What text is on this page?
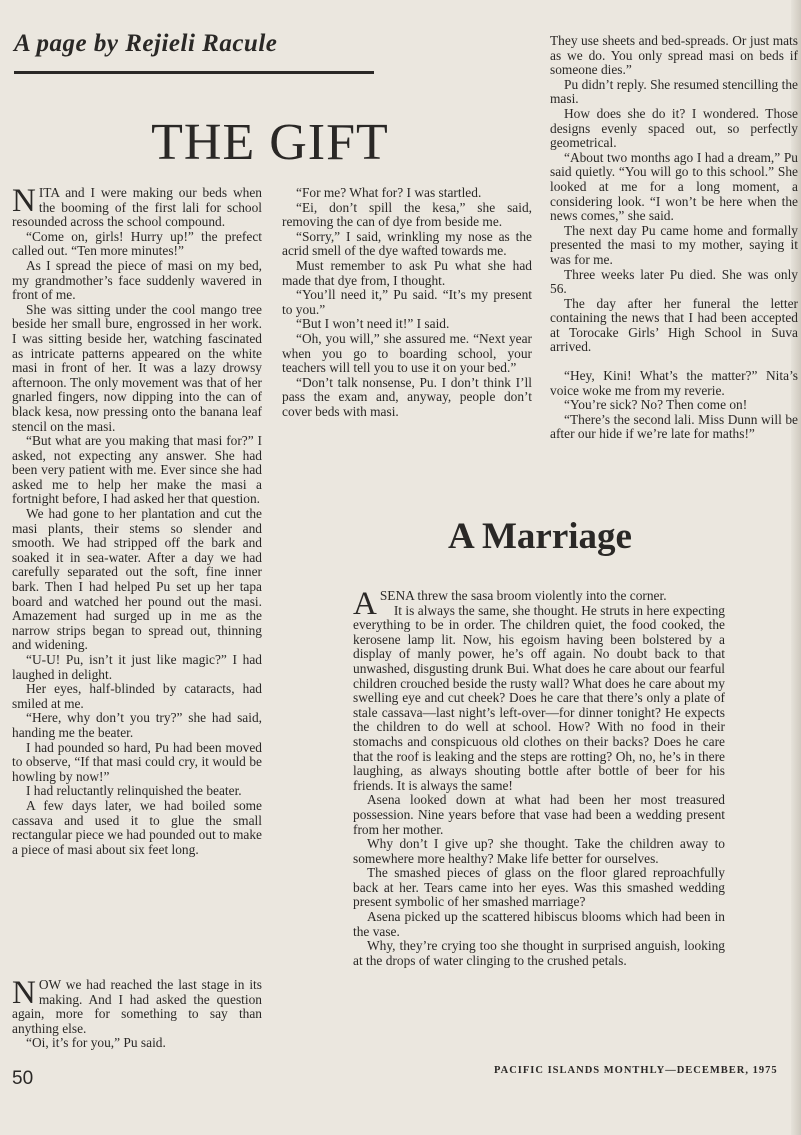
A page by Rejieli Racule
THE GIFT

NITA and I were making our beds when the booming of the first lali for school resounded across the school compound.

“Come on, girls! Hurry up!” the prefect called out. “Ten more minutes!”

As I spread the piece of masi on my bed, my grandmother’s face suddenly wavered in front of me.

She was sitting under the cool mango tree beside her small bure, engrossed in her work. I was sitting beside her, watching fascinated as intricate patterns appeared on the white masi in front of her. It was a lazy drowsy afternoon. The only movement was that of her gnarled fingers, now dipping into the can of black kesa, now pressing onto the banana leaf stencil on the masi.

“But what are you making that masi for?” I asked, not expecting any answer. She had been very patient with me. Ever since she had asked me to help her make the masi a fortnight before, I had asked her that question.

We had gone to her plantation and cut the masi plants, their stems so slender and smooth. We had stripped off the bark and soaked it in sea-water. After a day we had carefully separated out the soft, fine inner bark. Then I had helped Pu set up her tapa board and watched her pound out the masi. Amazement had surged up in me as the narrow strips began to spread out, thinning and widening.

“U-U! Pu, isn’t it just like magic?” I had laughed in delight.

Her eyes, half-blinded by cataracts, had smiled at me.

“Here, why don’t you try?” she had said, handing me the beater.

I had pounded so hard, Pu had been moved to observe, “If that masi could cry, it would be howling by now!”

I had reluctantly relinquished the beater.

A few days later, we had boiled some cassava and used it to glue the small rectangular piece we had pounded out to make a piece of masi about six feet long.

NOW we had reached the last stage in its making. And I had asked the question again, more for something to say than anything else.

“Oi, it’s for you,” Pu said.

“For me? What for? I was startled.

“Ei, don’t spill the kesa,” she said, removing the can of dye from beside me.

“Sorry,” I said, wrinkling my nose as the acrid smell of the dye wafted towards me.

Must remember to ask Pu what she had made that dye from, I thought.

“You’ll need it,” Pu said. “It’s my present to you.”

“But I won’t need it!” I said.

“Oh, you will,” she assured me. “Next year when you go to boarding school, your teachers will tell you to use it on your bed.”

“Don’t talk nonsense, Pu. I don’t think I’ll pass the exam and, anyway, people don’t cover beds with masi.

They use sheets and bed-spreads. Or just mats as we do. You only spread masi on beds if someone dies.”

Pu didn’t reply. She resumed stencilling the masi.

How does she do it? I wondered. Those designs evenly spaced out, so perfectly geometrical.

“About two months ago I had a dream,” Pu said quietly. “You will go to this school.” She looked at me for a long moment, a considering look. “I won’t be here when the news comes,” she said.

The next day Pu came home and formally presented the masi to my mother, saying it was for me.

Three weeks later Pu died. She was only 56.

The day after her funeral the letter containing the news that I had been accepted at Torocake Girls’ High School in Suva arrived.

“Hey, Kini! What’s the matter?” Nita’s voice woke me from my reverie.

“You’re sick? No? Then come on!

“There’s the second lali. Miss Dunn will be after our hide if we’re late for maths!”

A Marriage

ASENA threw the sasa broom violently into the corner.

It is always the same, she thought. He struts in here expecting everything to be in order. The children quiet, the food cooked, the kerosene lamp lit. Now, his egoism having been bolstered by a display of manly power, he’s off again. No doubt back to that unwashed, disgusting drunk Bui. What does he care about our fearful children crouched beside the rusty wall? What does he care about my swelling eye and cut cheek? Does he care that there’s only a plate of stale cassava—last night’s left-over—for dinner tonight? He expects the children to do well at school. How? With no food in their stomachs and conspicuous old clothes on their backs? Does he care that the roof is leaking and the steps are rotting? Oh, no, he’s in there laughing, as always shouting bottle after bottle of beer for his friends. It is always the same!

Asena looked down at what had been her most treasured possession. Nine years before that vase had been a wedding present from her mother.

Why don’t I give up? she thought. Take the children away to somewhere more healthy? Make life better for ourselves.

The smashed pieces of glass on the floor glared reproachfully back at her. Tears came into her eyes. Was this smashed wedding present symbolic of her smashed marriage?

Asena picked up the scattered hibiscus blooms which had been in the vase.

Why, they’re crying too she thought in surprised anguish, looking at the drops of water clinging to the crushed petals.

50	PACIFIC ISLANDS MONTHLY—DECEMBER, 1975
